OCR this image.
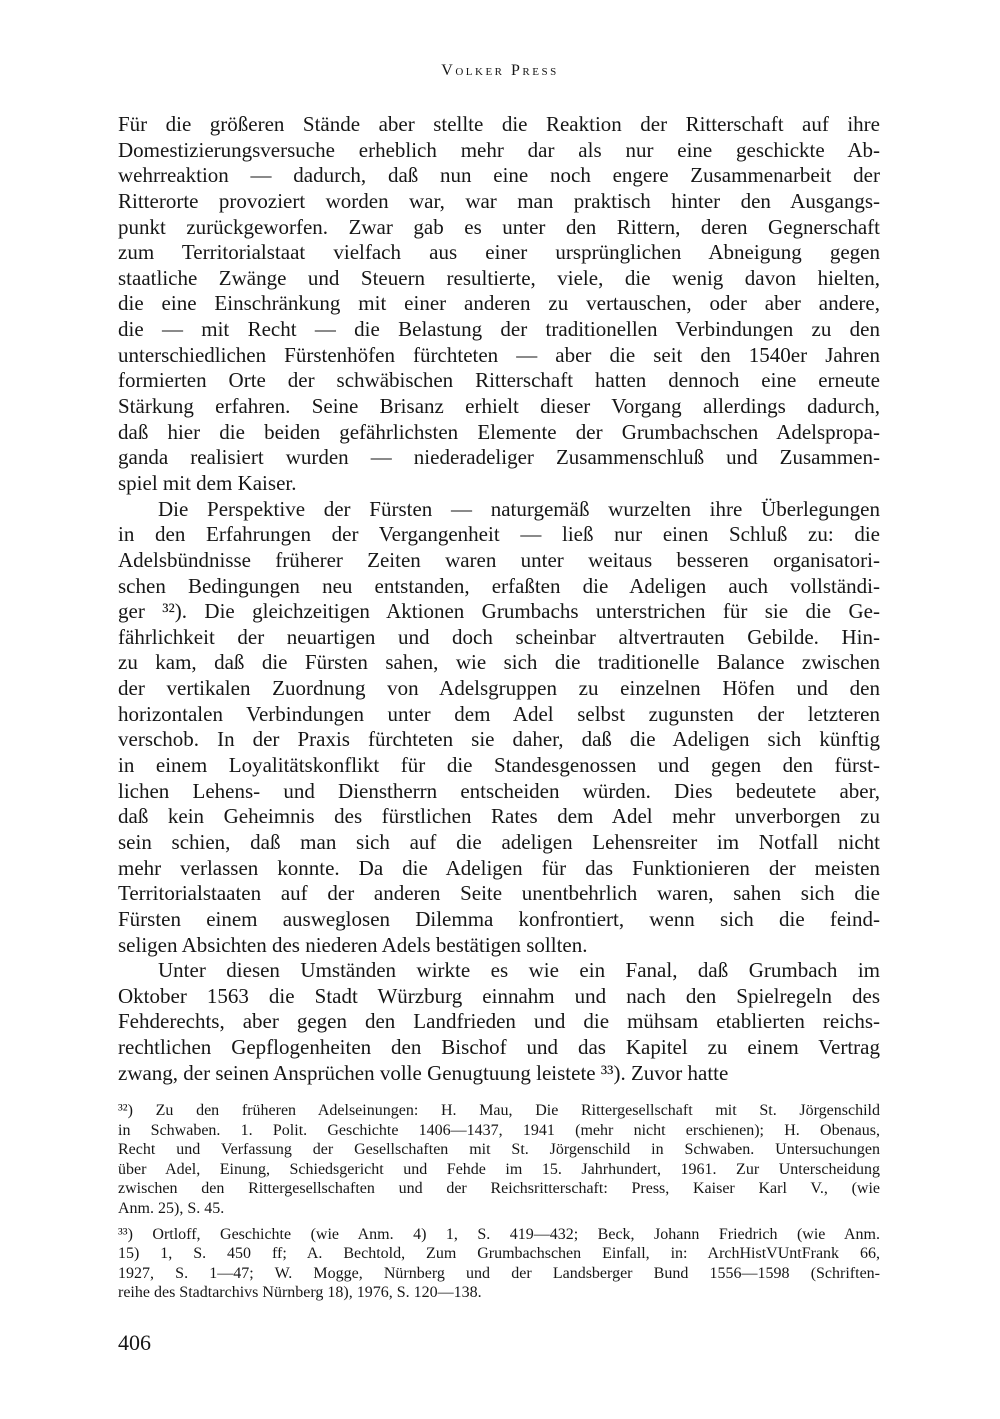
Volker Press
Für die größeren Stände aber stellte die Reaktion der Ritterschaft auf ihre
Domestizierungsversuche erheblich mehr dar als nur eine geschickte Ab-
wehrreaktion — dadurch, daß nun eine noch engere Zusammenarbeit der
Ritterorte provoziert worden war, war man praktisch hinter den Ausgangs-
punkt zurückgeworfen. Zwar gab es unter den Rittern, deren Gegnerschaft
zum Territorialstaat vielfach aus einer ursprünglichen Abneigung gegen
staatliche Zwänge und Steuern resultierte, viele, die wenig davon hielten,
die eine Einschränkung mit einer anderen zu vertauschen, oder aber andere,
die — mit Recht — die Belastung der traditionellen Verbindungen zu den
unterschiedlichen Fürstenhöfen fürchteten — aber die seit den 1540er Jahren
formierten Orte der schwäbischen Ritterschaft hatten dennoch eine erneute
Stärkung erfahren. Seine Brisanz erhielt dieser Vorgang allerdings dadurch,
daß hier die beiden gefährlichsten Elemente der Grumbachschen Adelspropa-
ganda realisiert wurden — niederadeliger Zusammenschluß und Zusammen-
spiel mit dem Kaiser.
Die Perspektive der Fürsten — naturgemäß wurzelten ihre Überlegungen
in den Erfahrungen der Vergangenheit — ließ nur einen Schluß zu: die
Adelsbündnisse früherer Zeiten waren unter weitaus besseren organisatori-
schen Bedingungen neu entstanden, erfaßten die Adeligen auch vollständi-
ger ³²). Die gleichzeitigen Aktionen Grumbachs unterstrichen für sie die Ge-
fährlichkeit der neuartigen und doch scheinbar altvertrauten Gebilde. Hin-
zu kam, daß die Fürsten sahen, wie sich die traditionelle Balance zwischen
der vertikalen Zuordnung von Adelsgruppen zu einzelnen Höfen und den
horizontalen Verbindungen unter dem Adel selbst zugunsten der letzteren
verschob. In der Praxis fürchteten sie daher, daß die Adeligen sich künftig
in einem Loyalitätskonflikt für die Standesgenossen und gegen den fürst-
lichen Lehens- und Dienstherrn entscheiden würden. Dies bedeutete aber,
daß kein Geheimnis des fürstlichen Rates dem Adel mehr unverborgen zu
sein schien, daß man sich auf die adeligen Lehensreiter im Notfall nicht
mehr verlassen konnte. Da die Adeligen für das Funktionieren der meisten
Territorialstaaten auf der anderen Seite unentbehrlich waren, sahen sich die
Fürsten einem ausweglosen Dilemma konfrontiert, wenn sich die feind-
seligen Absichten des niederen Adels bestätigen sollten.
Unter diesen Umständen wirkte es wie ein Fanal, daß Grumbach im
Oktober 1563 die Stadt Würzburg einnahm und nach den Spielregeln des
Fehderechts, aber gegen den Landfrieden und die mühsam etablierten reichs-
rechtlichen Gepflogenheiten den Bischof und das Kapitel zu einem Vertrag
zwang, der seinen Ansprüchen volle Genugtuung leistete ³³). Zuvor hatte
³²) Zu den früheren Adelseinungen: H. Mau, Die Rittergesellschaft mit St. Jörgenschild
in Schwaben. 1. Polit. Geschichte 1406—1437, 1941 (mehr nicht erschienen); H. Obenaus,
Recht und Verfassung der Gesellschaften mit St. Jörgenschild in Schwaben. Untersuchungen
über Adel, Einung, Schiedsgericht und Fehde im 15. Jahrhundert, 1961. Zur Unterscheidung
zwischen den Rittergesellschaften und der Reichsritterschaft: Press, Kaiser Karl V., (wie
Anm. 25), S. 45.
³³) Ortloff, Geschichte (wie Anm. 4) 1, S. 419—432; Beck, Johann Friedrich (wie Anm.
15) 1, S. 450 ff; A. Bechtold, Zum Grumbachschen Einfall, in: ArchHistVUntFrank 66,
1927, S. 1—47; W. Mogge, Nürnberg und der Landsberger Bund 1556—1598 (Schriften-
reihe des Stadtarchivs Nürnberg 18), 1976, S. 120—138.
406
